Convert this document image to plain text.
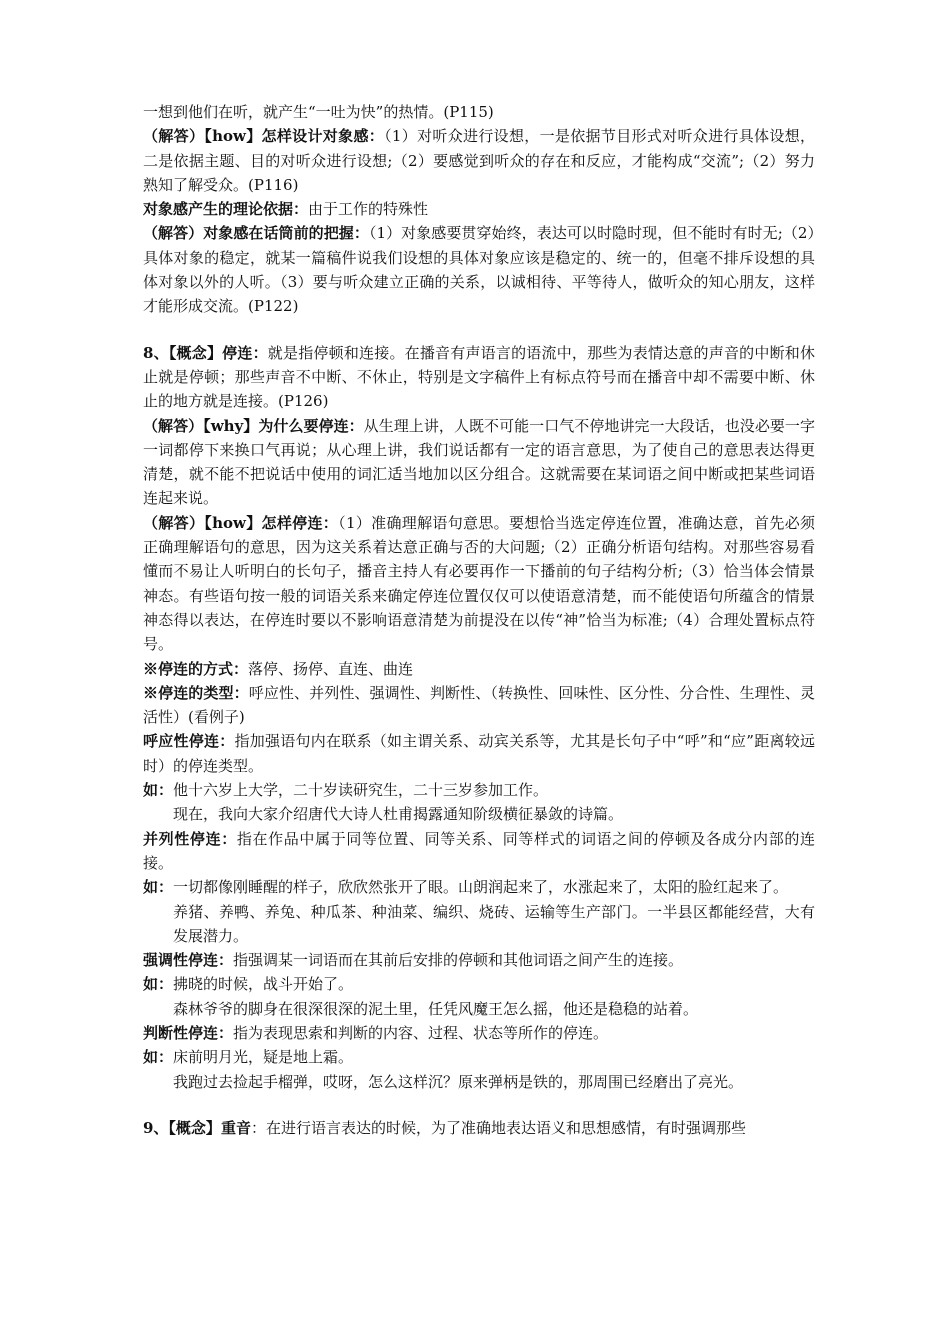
一想到他们在听，就产生“一吐为快”的热情。(P115)

（解答）【how】怎样设计对象感：（1）对听众进行设想，一是依据节目形式对听众进行具体设想，二是依据主题、目的对听众进行设想;（2）要感觉到听众的存在和反应，才能构成“交流”;（2）努力熟知了解受众。(P116)

对象感产生的理论依据：由于工作的特殊性

（解答）对象感在话筒前的把握：（1）对象感要贯穿始终，表达可以时隐时现，但不能时有时无;（2）具体对象的稳定，就某一篇稿件说我们设想的具体对象应该是稳定的、统一的，但毫不排斥设想的具体对象以外的人听。（3）要与听众建立正确的关系，以诚相待、平等待人，做听众的知心朋友，这样才能形成交流。(P122)

8、【概念】停连：就是指停顿和连接。在播音有声语言的语流中，那些为表情达意的声音的中断和休止就是停顿；那些声音不中断、不休止，特别是文字稿件上有标点符号而在播音中却不需要中断、休止的地方就是连接。(P126)

（解答）【why】为什么要停连：从生理上讲，人既不可能一口气不停地讲完一大段话，也没必要一字一词都停下来换口气再说；从心理上讲，我们说话都有一定的语言意思，为了使自己的意思表达得更清楚，就不能不把说话中使用的词汇适当地加以区分组合。这就需要在某词语之间中断或把某些词语连起来说。

（解答）【how】怎样停连：（1）准确理解语句意思。要想恰当选定停连位置，准确达意，首先必须正确理解语句的意思，因为这关系着达意正确与否的大问题;（2）正确分析语句结构。对那些容易看懂而不易让人听明白的长句子，播音主持人有必要再作一下播前的句子结构分析;（3）恰当体会情景神态。有些语句按一般的词语关系来确定停连位置仅仅可以使语意清楚，而不能使语句所蕴含的情景神态得以表达，在停连时要以不影响语意清楚为前提没在以传“神”恰当为标准;（4）合理处置标点符号。

※停连的方式：落停、扬停、直连、曲连

※停连的类型：呼应性、并列性、强调性、判断性、（转换性、回味性、区分性、分合性、生理性、灵活性）(看例子)

呼应性停连：指加强语句内在联系（如主谓关系、动宾关系等，尤其是长句子中“呼”和“应”距离较远时）的停连类型。

如：他十六岁上大学，二十岁读研究生，二十三岁参加工作。

现在，我向大家介绍唐代大诗人杜甫揭露通知阶级横征暴敛的诗篇。

并列性停连：指在作品中属于同等位置、同等关系、同等样式的词语之间的停顿及各成分内部的连接。

如：一切都像刚睡醒的样子，欣欣然张开了眼。山朗润起来了，水涨起来了，太阳的脸红起来了。

养猪、养鸭、养兔、种瓜茶、种油菜、编织、烧砖、运输等生产部门。一半县区都能经营，大有发展潜力。

强调性停连：指强调某一词语而在其前后安排的停顿和其他词语之间产生的连接。

如：拂晓的时候，战斗开始了。

森林爷爷的脚身在很深很深的泥土里，任凭风魔王怎么摇，他还是稳稳的站着。

判断性停连：指为表现思索和判断的内容、过程、状态等所作的停连。

如：床前明月光，疑是地上霜。

我跑过去捡起手榴弹，哎呀，怎么这样沉？原来弹柄是铁的，那周围已经磨出了亮光。

9、【概念】重音：在进行语言表达的时候，为了准确地表达语义和思想感情，有时强调那些
